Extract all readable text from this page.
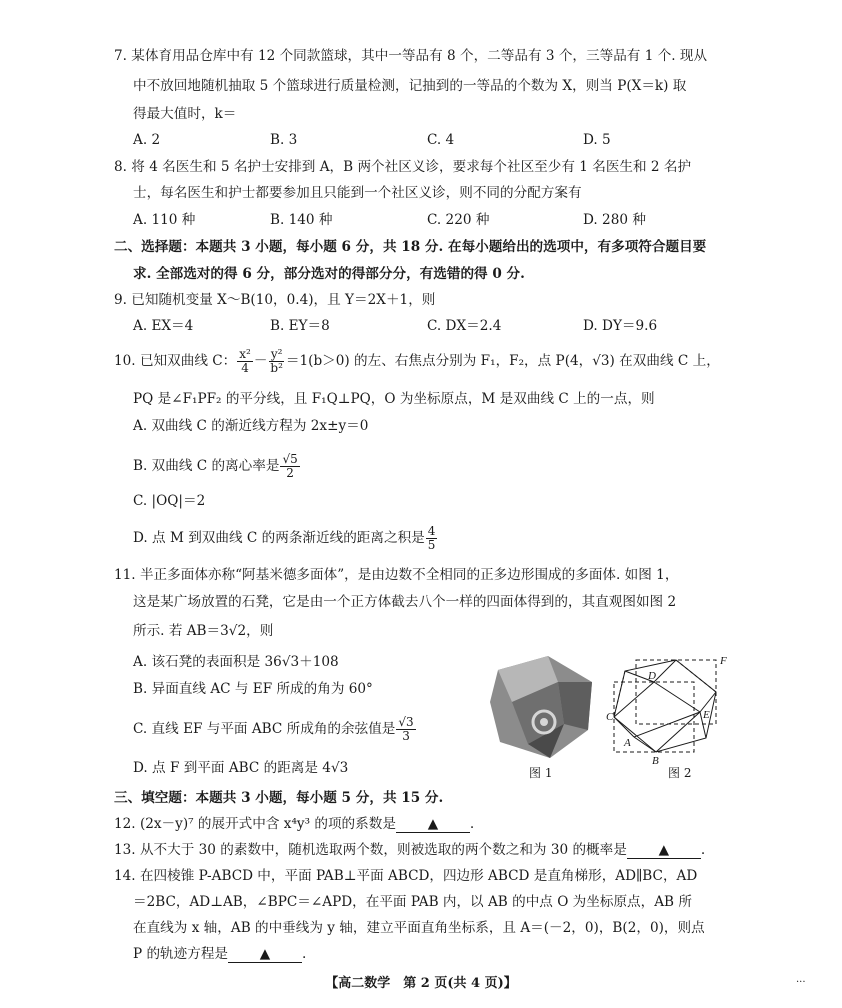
7. 某体育用品仓库中有 12 个同款篮球，其中一等品有 8 个，二等品有 3 个，三等品有 1 个. 现从
中不放回地随机抽取 5 个篮球进行质量检测，记抽到的一等品的个数为 X，则当 P(X＝k) 取
得最大值时，k＝
A. 2	B. 3	C. 4	D. 5
8. 将 4 名医生和 5 名护士安排到 A，B 两个社区义诊，要求每个社区至少有 1 名医生和 2 名护
士，每名医生和护士都要参加且只能到一个社区义诊，则不同的分配方案有
A. 110 种	B. 140 种	C. 220 种	D. 280 种
二、选择题：本题共 3 小题，每小题 6 分，共 18 分. 在每小题给出的选项中，有多项符合题目要
求. 全部选对的得 6 分，部分选对的得部分分，有选错的得 0 分.
9. 已知随机变量 X～B(10，0.4)，且 Y＝2X＋1，则
A. EX＝4	B. EY＝8	C. DX＝2.4	D. DY＝9.6
10. 已知双曲线 C： $\frac{\text{x²}}{4} - \frac{\text{y²}}{\text{b²}} =1(b>0)$ 的左、右焦点分别为 F₁，F₂，点 P(4，√3) 在双曲线 C 上，
PQ 是∠F₁PF₂ 的平分线，且 F₁Q⊥PQ，O 为坐标原点，M 是双曲线 C 上的一点，则
A. 双曲线 C 的渐近线方程为 2x±y＝0
B. 双曲线 C 的离心率是 $\frac{√5}{2}$
C. |OQ|＝2
D. 点 M 到双曲线 C 的两条渐近线的距离之积是 $\frac{4}{5}$
11. 半正多面体亦称“阿基米德多面体”，是由边数不全相同的正多边形围成的多面体. 如图 1，
这是某广场放置的石凳，它是由一个正方体截去八个一样的四面体得到的，其直观图如图 2
所示. 若 AB＝3√2，则
A. 该石凳的表面积是 36√3＋108
B. 异面直线 AC 与 EF 所成的角为 60°
C. 直线 EF 与平面 ABC 所成角的余弦值是 $\frac{√3}{3}$
D. 点 F 到平面 ABC 的距离是 4√3	图 1
F
D
C	E
A
B
图 2
三、填空题：本题共 3 小题，每小题 5 分，共 15 分.
12. (2x－y)⁷ 的展开式中含 x⁴y³ 的项的系数是 ▲ .
13. 从不大于 30 的素数中，随机选取两个数，则被选取的两个数之和为 30 的概率是 ▲ .
14. 在四棱锥 P-ABCD 中，平面 PAB⊥平面 ABCD，四边形 ABCD 是直角梯形，AD∥BC，AD
＝2BC，AD⊥AB，∠BPC＝∠APD，在平面 PAB 内，以 AB 的中点 O 为坐标原点，AB 所
在直线为 x 轴，AB 的中垂线为 y 轴，建立平面直角坐标系，且 A＝(－2，0)，B(2，0)，则点
P 的轨迹方程是 ▲ .
【高二数学　第 2 页(共 4 页)】	...
